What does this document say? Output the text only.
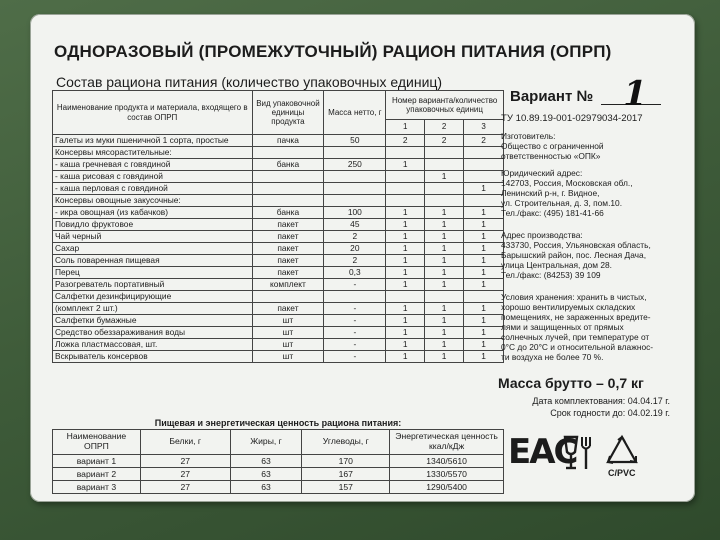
ОДНОРАЗОВЫЙ (ПРОМЕЖУТОЧНЫЙ) РАЦИОН ПИТАНИЯ (ОПРП)
Состав рациона питания (количество упаковочных единиц)
Наименование продукта и материала, входящего в состав ОПРП	Вид упаковочной единицы продукта	Масса нетто, г	Номер варианта/количество упаковочных единиц		
			1	2	3
Галеты из муки пшеничной 1 сорта, простые	пачка	50	2	2	2
Консервы мясорастительные:					
- каша гречневая с говядиной	банка	250	1		
- каша рисовая с говядиной				1	
- каша перловая с говядиной					1
Консервы овощные закусочные:					
- икра овощная (из кабачков)	банка	100	1	1	1
Повидло фруктовое	пакет	45	1	1	1
Чай черный	пакет	2	1	1	1
Сахар	пакет	20	1	1	1
Соль поваренная пищевая	пакет	2	1	1	1
Перец	пакет	0,3	1	1	1
Разогреватель портативный	комплект	-	1	1	1
Салфетки дезинфицирующие					
(комплект 2 шт.)	пакет	-	1	1	1
Салфетки бумажные	шт	-	1	1	1
Средство обеззараживания воды	шт	-	1	1	1
Ложка пластмассовая, шт.	шт	-	1	1	1
Вскрыватель консервов	шт	-	1	1	1
Пищевая и энергетическая ценность рациона питания:
Наименование ОПРП	Белки, г	Жиры, г	Углеводы, г	Энергетическая ценность ккал/кДж
вариант 1	27	63	170	1340/5610
вариант 2	27	63	167	1330/5570
вариант 3	27	63	157	1290/5400
Вариант № 1
ТУ 10.89.19-001-02979034-2017
Изготовитель:
Общество с ограниченной
ответственностью «ОПК»
Юридический адрес:
142703, Россия, Московская обл.,
Ленинский р-н, г. Видное,
ул. Строительная, д. 3, пом.10.
Тел./факс: (495) 181-41-66
Адрес производства:
433730, Россия, Ульяновская область,
Барышский район, пос. Лесная Дача,
улица Центральная, дом 28.
Тел./факс: (84253) 39 109
Условия хранения: хранить в чистых,
хорошо вентилируемых складских
помещениях, не зараженных вредите-
лями и защищенных от прямых
солнечных лучей, при температуре от
0°С до 20°С и относительной влажнос-
ти воздуха не более 70 %.
Масса брутто – 0,7 кг
Дата комплектования: 04.04.17 г.
Срок годности до: 04.02.19 г.
ЕАС
C/PVC
